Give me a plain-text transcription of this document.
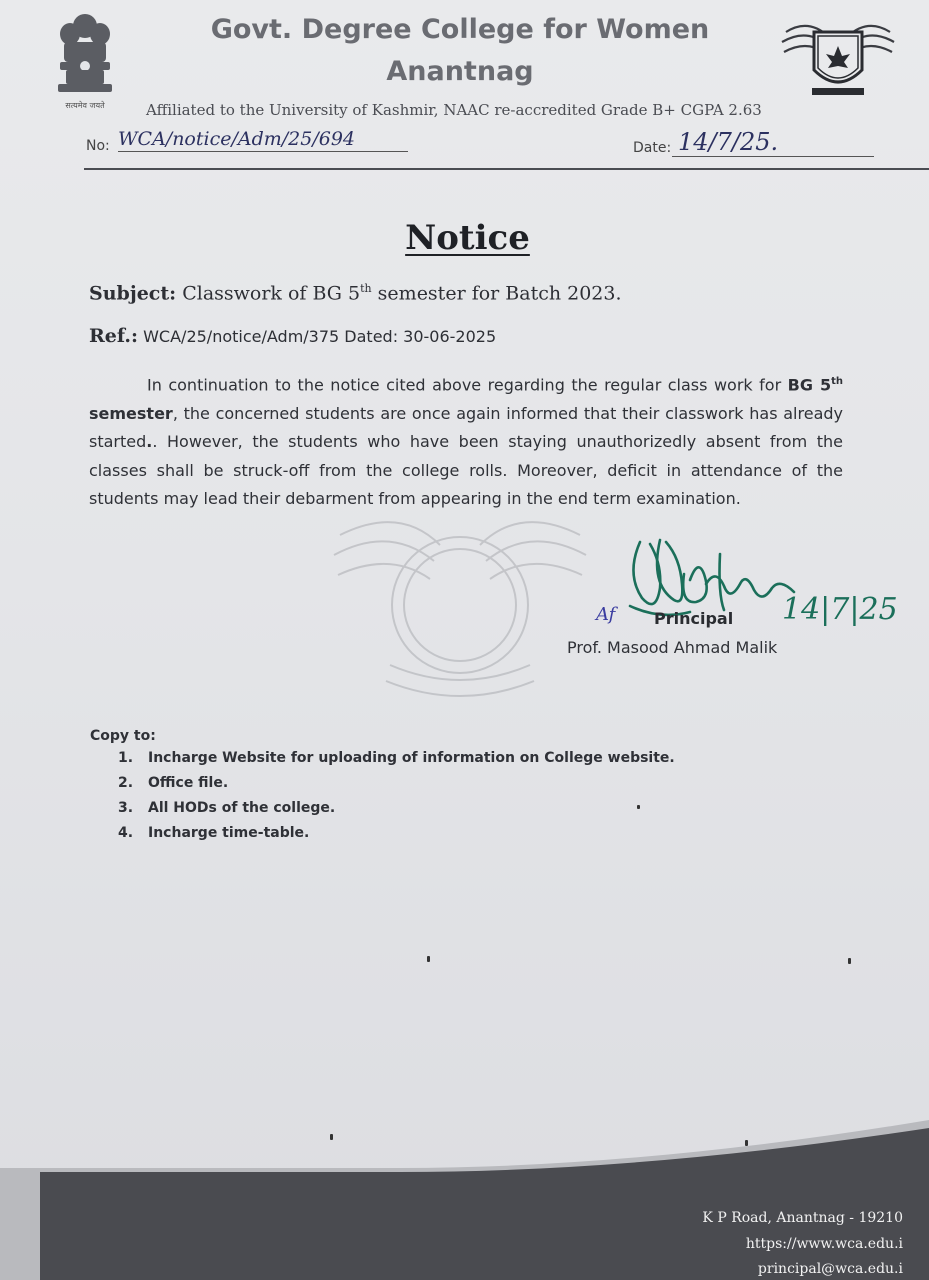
सत्यमेव जयते
Govt. Degree College for Women
Anantnag
Affiliated to the University of Kashmir, NAAC re-accredited Grade B+ CGPA 2.63
No: WCA/notice/Adm/25/694	Date: 14/7/25.
Notice
Subject: Classwork of BG 5th semester for Batch 2023.
Ref.: WCA/25/notice/Adm/375 Dated: 30-06-2025
In continuation to the notice cited above regarding the regular class work for BG 5th semester, the concerned students are once again informed that their classwork has already started.. However, the students who have been staying unauthorizedly absent from the classes shall be struck-off from the college rolls. Moreover, deficit in attendance of the students may lead their debarment from appearing in the end term examination.
14|7|25
Af Principal
Prof. Masood Ahmad Malik
Copy to:
1. Incharge Website for uploading of information on College website.
2. Office file.
3. All HODs of the college.
4. Incharge time-table.
K P Road, Anantnag - 19210
https://www.wca.edu.i
principal@wca.edu.i
